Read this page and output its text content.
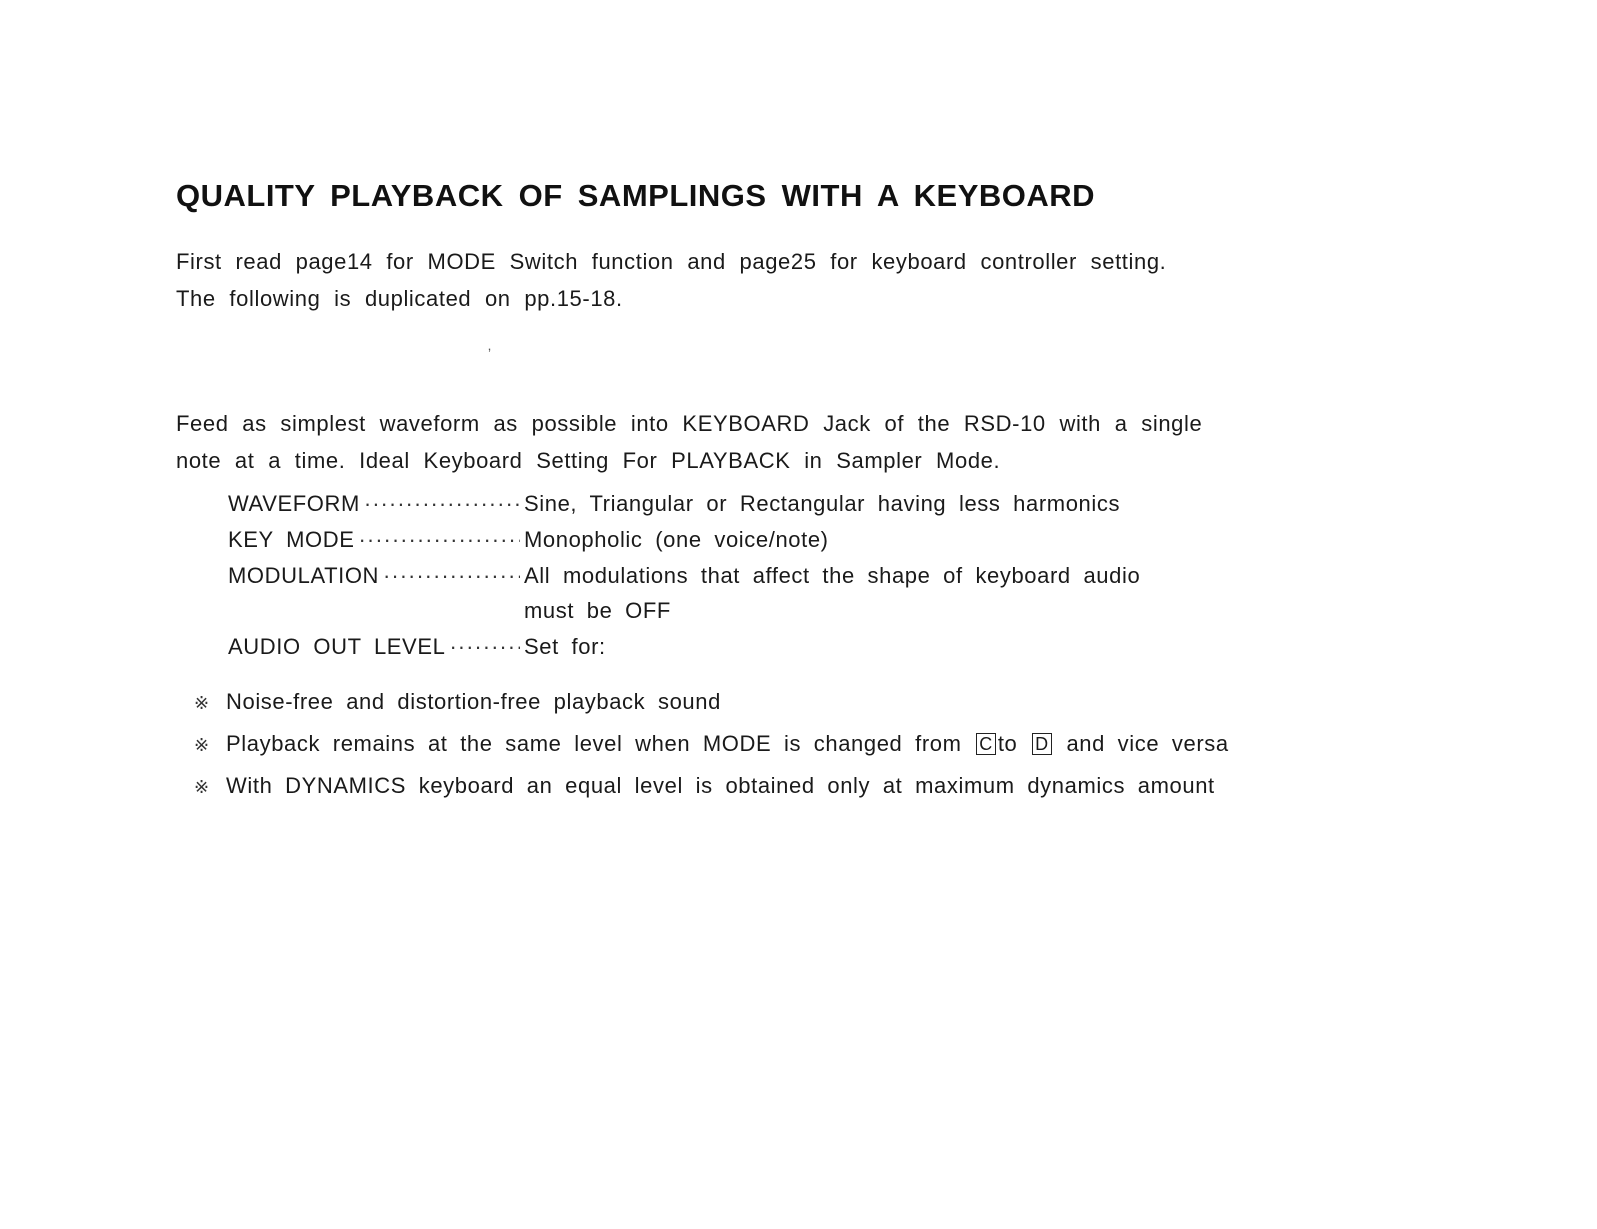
QUALITY PLAYBACK OF SAMPLINGS WITH A KEYBOARD

First read page14 for MODE Switch function and page25 for keyboard controller setting.
The following is duplicated on pp.15-18.

ʼ

Feed as simplest waveform as possible into KEYBOARD Jack of the RSD-10 with a single
note at a time. Ideal Keyboard Setting For PLAYBACK in Sampler Mode.

WAVEFORM ·····	Sine, Triangular or Rectangular having less harmonics
KEY MODE ·····	Monopholic (one voice/note)
MODULATION ·····	All modulations that affect the shape of keyboard audio
must be OFF
AUDIO OUT LEVEL ·····	Set for:
※ Noise-free and distortion-free playback sound
※ Playback remains at the same level when MODE is changed from C to D and vice versa
※ With DYNAMICS keyboard an equal level is obtained only at maximum dynamics amount
